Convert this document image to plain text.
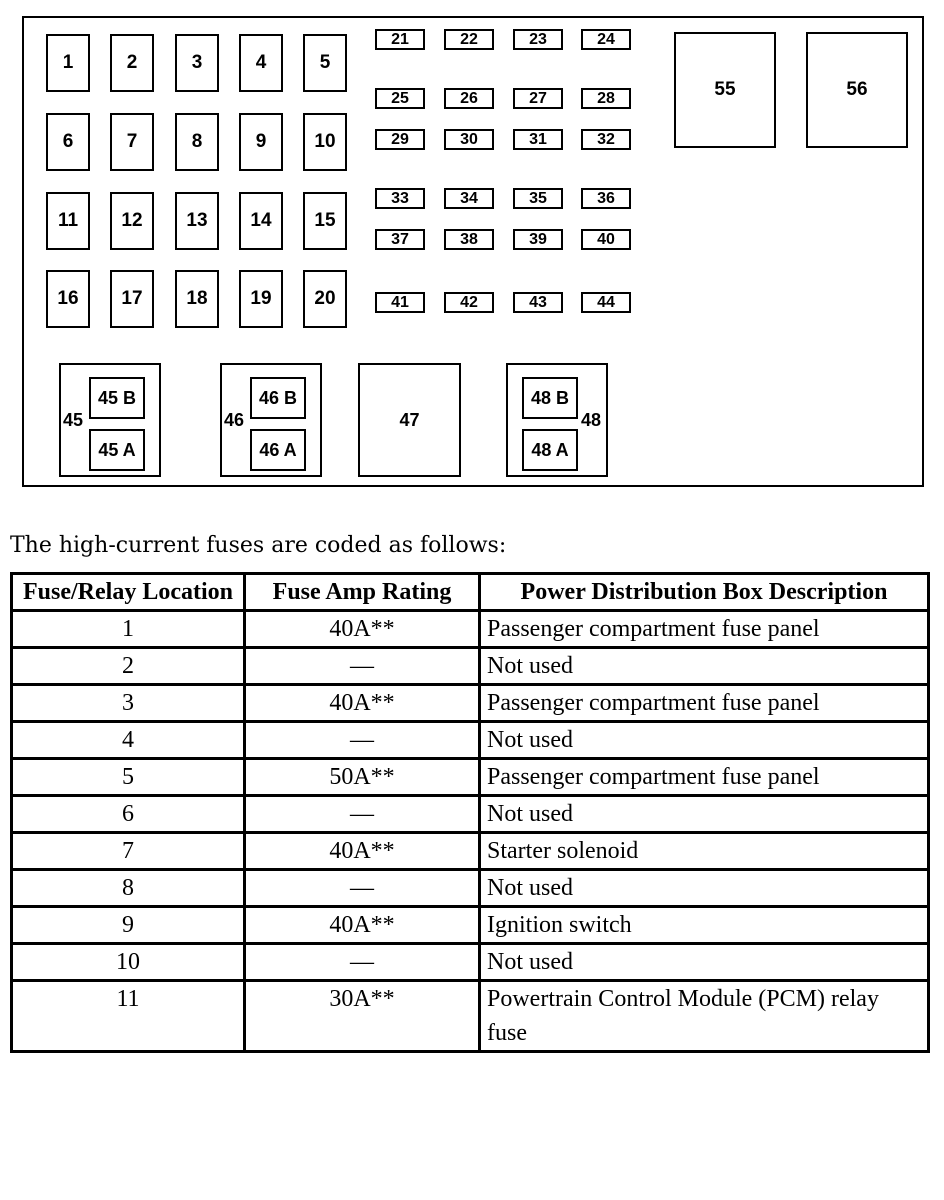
1	2	3	4	5
6	7	8	9	10
11	12	13	14	15
16	17	18	19	20
21	22	23	24
25	26	27	28
29	30	31	32
33	34	35	36
37	38	39	40
41	42	43	44
55	56
45
45 B
45 A
46
46 B
46 A
47
48 B
48 A
48
The high-current fuses are coded as follows:
Fuse/Relay Location	Fuse Amp Rating	Power Distribution Box Description
1	40A**	Passenger compartment fuse panel
2	—	Not used
3	40A**	Passenger compartment fuse panel
4	—	Not used
5	50A**	Passenger compartment fuse panel
6	—	Not used
7	40A**	Starter solenoid
8	—	Not used
9	40A**	Ignition switch
10	—	Not used
11	30A**	Powertrain Control Module (PCM) relay fuse
